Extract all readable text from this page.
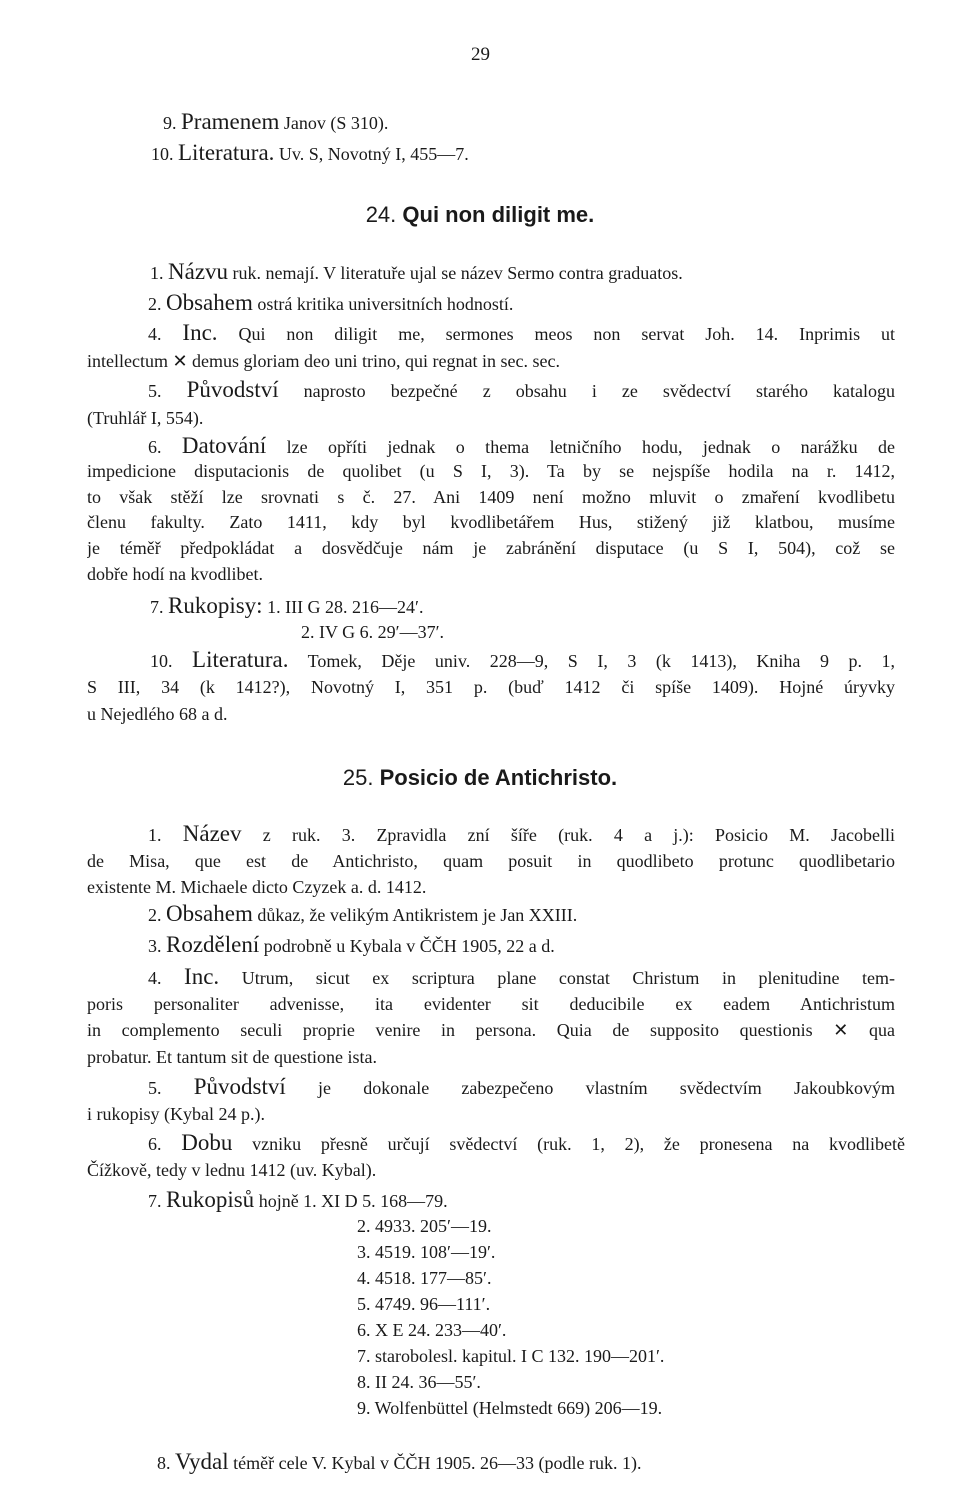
29
9. Pramenem Janov (S 310).
10. Literatura. Uv. S, Novotný I, 455—7.
24. Qui non diligit me.
1. Názvu ruk. nemají. V literatuře ujal se název Sermo contra graduatos.
2. Obsahem ostrá kritika universitních hodností.
4. Inc. Qui non diligit me, sermones meos non servat Joh. 14. Inprimis ut
intellectum ✕ demus gloriam deo uni trino, qui regnat in sec. sec.
5. Původství naprosto bezpečné z obsahu i ze svědectví starého katalogu
(Truhlář I, 554).
6. Datování lze opříti jednak o thema letničního hodu, jednak o narážku de
impedicione disputacionis de quolibet (u S I, 3). Ta by se nejspíše hodila na r. 1412,
to však stěží lze srovnati s č. 27. Ani 1409 není možno mluvit o zmaření kvodlibetu
členu fakulty. Zato 1411, kdy byl kvodlibetářem Hus, stižený již klatbou, musíme
je téměř předpokládat a dosvědčuje nám je zabránění disputace (u S I, 504), což se
dobře hodí na kvodlibet.
7. Rukopisy: 1. III G 28. 216—24′.
2. IV G 6. 29′—37′.
10. Literatura. Tomek, Děje univ. 228—9, S I, 3 (k 1413), Kniha 9 p. 1,
S III, 34 (k 1412?), Novotný I, 351 p. (buď 1412 či spíše 1409). Hojné úryvky
u Nejedlého 68 a d.
25. Posicio de Antichristo.
1. Název z ruk. 3. Zpravidla zní šíře (ruk. 4 a j.): Posicio M. Jacobelli
de Misa, que est de Antichristo, quam posuit in quodlibeto protunc quodlibetario
existente M. Michaele dicto Czyzek a. d. 1412.
2. Obsahem důkaz, že velikým Antikristem je Jan XXIII.
3. Rozdělení podrobně u Kybala v ČČH 1905, 22 a d.
4. Inc. Utrum, sicut ex scriptura plane constat Christum in plenitudine tem-
poris personaliter advenisse, ita evidenter sit deducibile ex eadem Antichristum
in complemento seculi proprie venire in persona. Quia de supposito questionis ✕ qua
probatur. Et tantum sit de questione ista.
5. Původství je dokonale zabezpečeno vlastním svědectvím Jakoubkovým
i rukopisy (Kybal 24 p.).
6. Dobu vzniku přesně určují svědectví (ruk. 1, 2), že pronesena na kvodlibetě
Čížkově, tedy v lednu 1412 (uv. Kybal).
7. Rukopisů hojně 1. XI D 5. 168—79.
2. 4933. 205′—19.
3. 4519. 108′—19′.
4. 4518. 177—85′.
5. 4749. 96—111′.
6. X E 24. 233—40′.
7. starobolesl. kapitul. I C 132. 190—201′.
8. II 24. 36—55′.
9. Wolfenbüttel (Helmstedt 669) 206—19.
8. Vydal téměř cele V. Kybal v ČČH 1905. 26—33 (podle ruk. 1).
